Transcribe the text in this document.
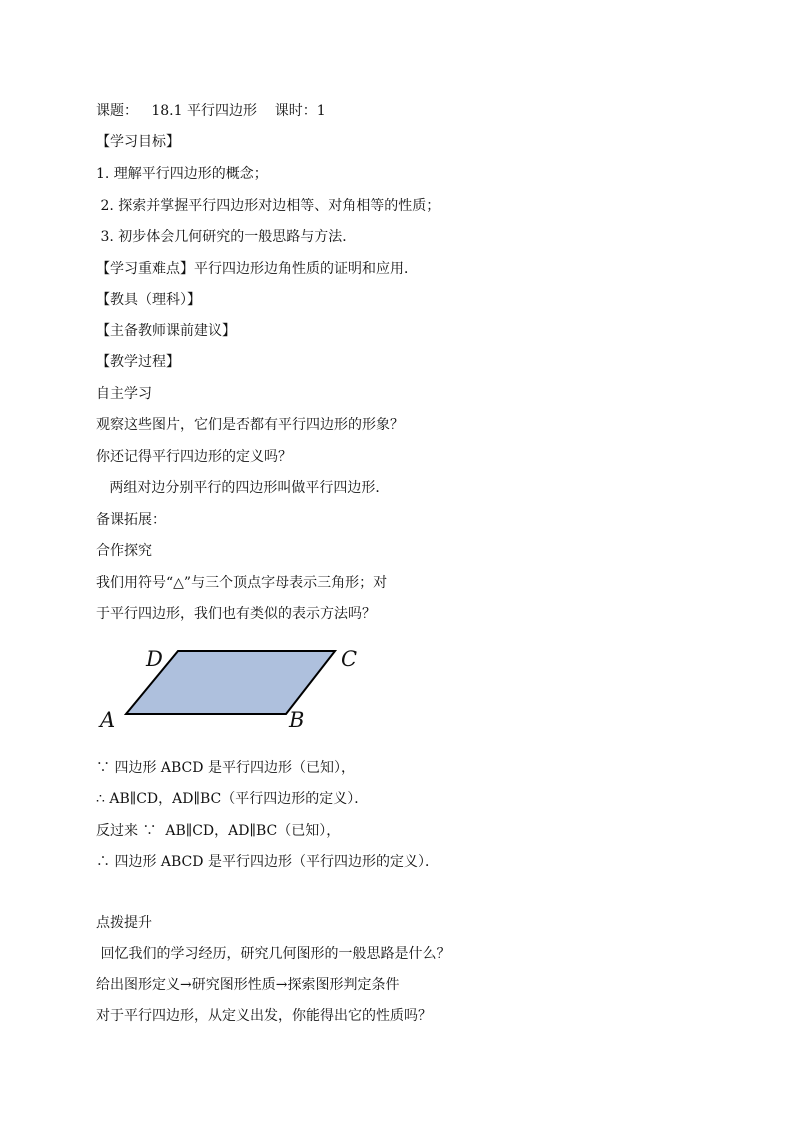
课题：   18.1 平行四边形    课时：1
【学习目标】
1. 理解平行四边形的概念；
2. 探索并掌握平行四边形对边相等、对角相等的性质；
3. 初步体会几何研究的一般思路与方法．
【学习重难点】平行四边形边角性质的证明和应用．
【教具（理科）】
【主备教师课前建议】
【教学过程】
自主学习
观察这些图片，它们是否都有平行四边形的形象？
你还记得平行四边形的定义吗？
两组对边分别平行的四边形叫做平行四边形．
备课拓展：
合作探究
我们用符号“△”与三个顶点字母表示三角形；对
于平行四边形，我们也有类似的表示方法吗？
D	C
A	B
∵ 四边形 ABCD 是平行四边形（已知），
∴ AB∥CD，AD∥BC（平行四边形的定义）．
反过来 ∵  AB∥CD，AD∥BC（已知），
∴ 四边形 ABCD 是平行四边形（平行四边形的定义）．
点拨提升
回忆我们的学习经历，研究几何图形的一般思路是什么？
给出图形定义→研究图形性质→探索图形判定条件
对于平行四边形，从定义出发，你能得出它的性质吗？
